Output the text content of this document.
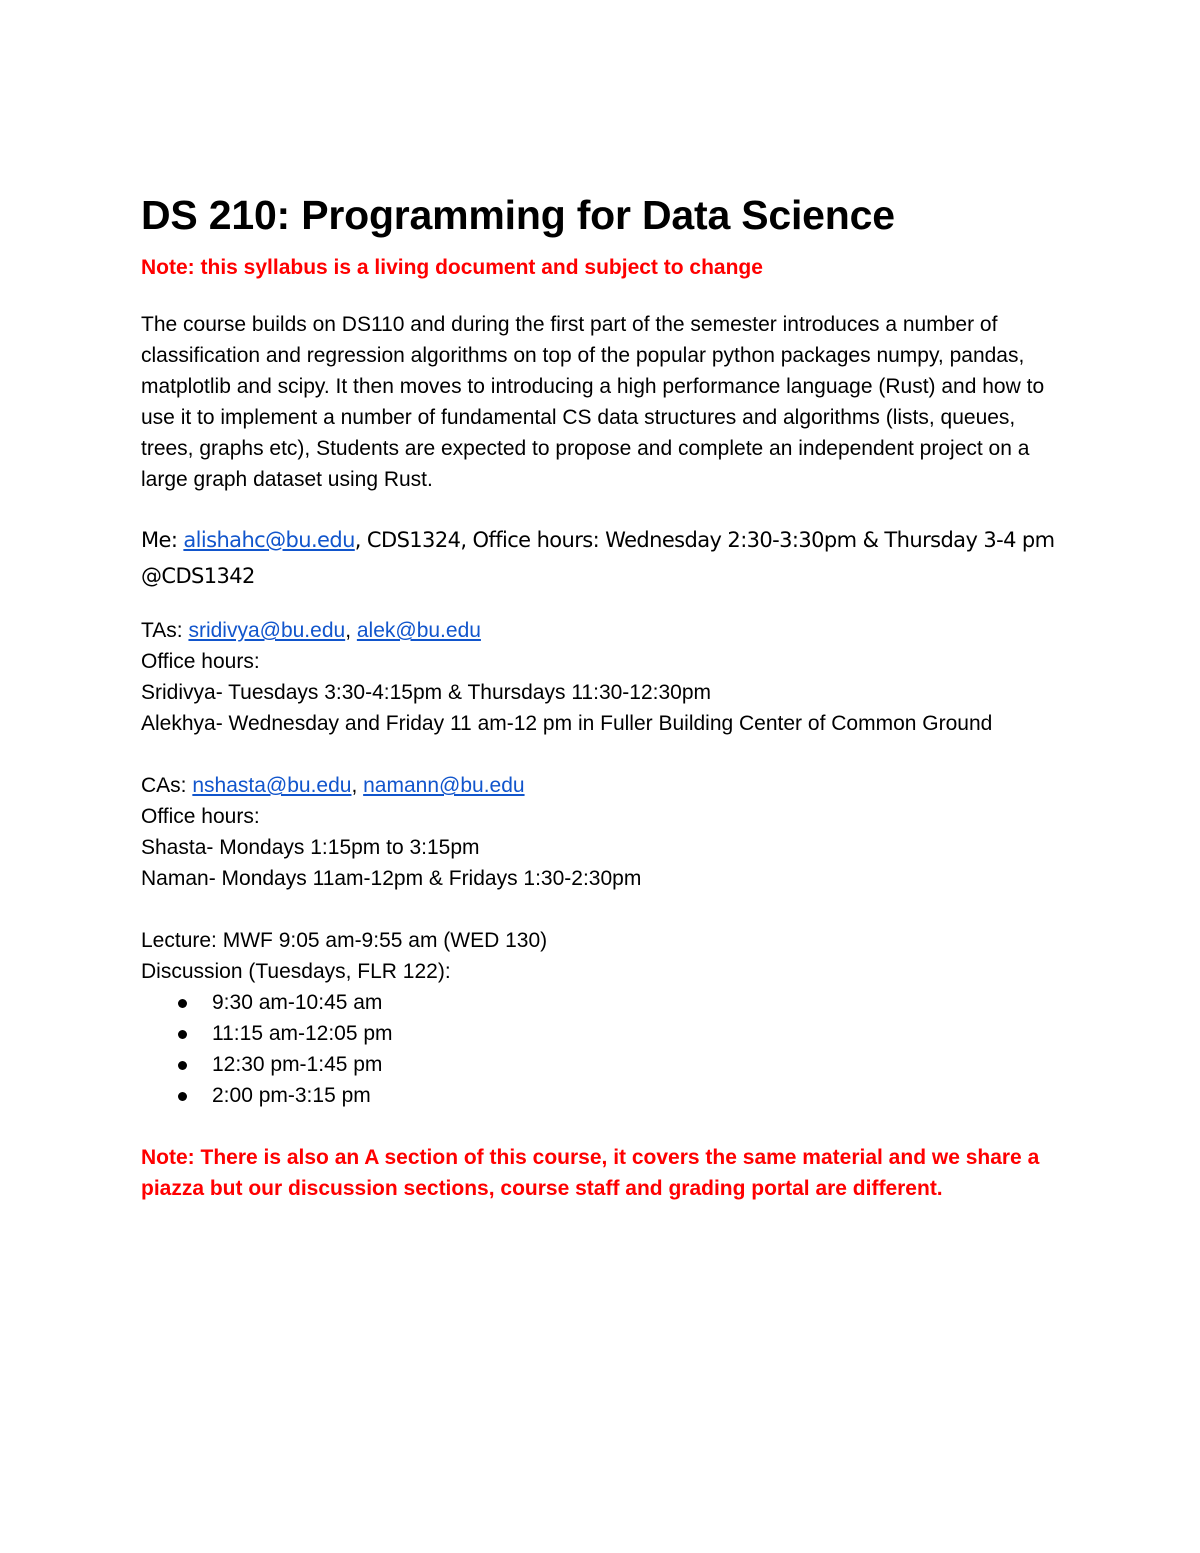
DS 210: Programming for Data Science

Note: this syllabus is a living document and subject to change

The course builds on DS110 and during the first part of the semester introduces a number of classification and regression algorithms on top of the popular python packages numpy, pandas, matplotlib and scipy. It then moves to introducing a high performance language (Rust) and how to use it to implement a number of fundamental CS data structures and algorithms (lists, queues, trees, graphs etc), Students are expected to propose and complete an independent project on a large graph dataset using Rust.

Me: alishahc@bu.edu, CDS1324, Office hours: Wednesday 2:30-3:30pm & Thursday 3-4 pm @CDS1342

TAs: sridivya@bu.edu, alek@bu.edu

Office hours:

Sridivya- Tuesdays 3:30-4:15pm & Thursdays 11:30-12:30pm

Alekhya- Wednesday and Friday 11 am-12 pm in Fuller Building Center of Common Ground

CAs: nshasta@bu.edu, namann@bu.edu

Office hours:

Shasta- Mondays 1:15pm to 3:15pm

Naman- Mondays 11am-12pm & Fridays 1:30-2:30pm

Lecture: MWF 9:05 am-9:55 am (WED 130)

Discussion (Tuesdays, FLR 122):

9:30 am-10:45 am
11:15 am-12:05 pm
12:30 pm-1:45 pm
2:00 pm-3:15 pm

Note: There is also an A section of this course, it covers the same material and we share a piazza but our discussion sections, course staff and grading portal are different.
